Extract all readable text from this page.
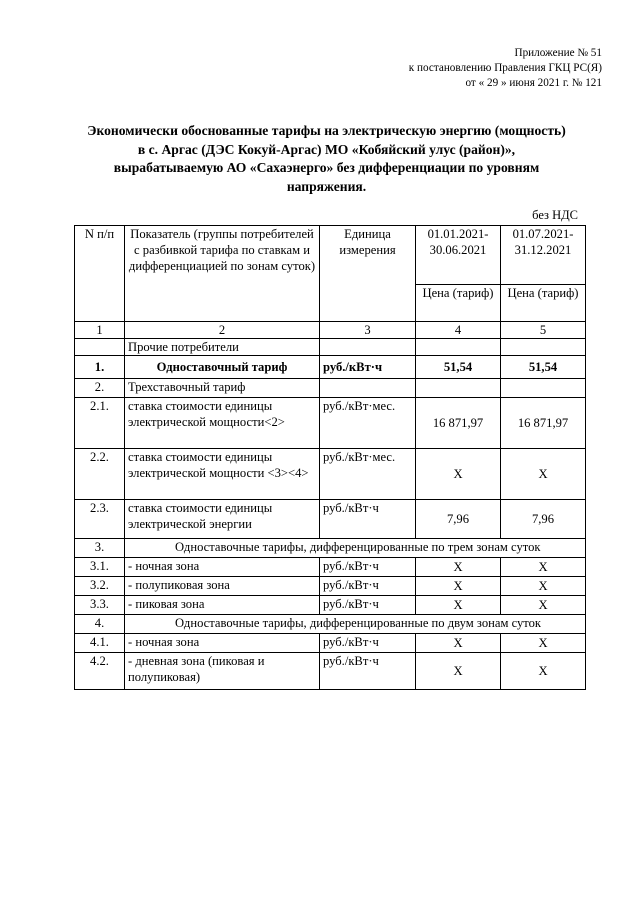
Приложение № 51
к постановлению Правления ГКЦ РС(Я)
от « 29 » июня 2021 г. № 121
Экономически обоснованные тарифы на электрическую энергию (мощность)
в с. Аргас (ДЭС Кокуй-Аргас) МО «Кобяйский улус (район)»,
вырабатываемую АО «Сахаэнерго» без дифференциации по уровням
напряжения.
без НДС
N п/п	Показатель (группы потребителей с разбивкой тарифа по ставкам и дифференциацией по зонам суток)	Единица измерения	01.01.2021-30.06.2021	01.07.2021-31.12.2021
			Цена (тариф)	Цена (тариф)
1	2	3	4	5
	Прочие потребители			
1.	Одноставочный тариф	руб./кВт·ч	51,54	51,54
2.	Трехставочный тариф			
2.1.	ставка стоимости единицы электрической мощности<2>	руб./кВт·мес.	16 871,97	16 871,97
2.2.	ставка стоимости единицы электрической мощности <3><4>	руб./кВт·мес.	X	X
2.3.	ставка стоимости единицы электрической энергии	руб./кВт·ч	7,96	7,96
3.	Одноставочные тарифы, дифференцированные по трем зонам суток			
3.1.	- ночная зона	руб./кВт·ч	X	X
3.2.	- полупиковая зона	руб./кВт·ч	X	X
3.3.	- пиковая зона	руб./кВт·ч	X	X
4.	Одноставочные тарифы, дифференцированные по двум зонам суток			
4.1.	- ночная зона	руб./кВт·ч	X	X
4.2.	- дневная зона (пиковая и полупиковая)	руб./кВт·ч	X	X
